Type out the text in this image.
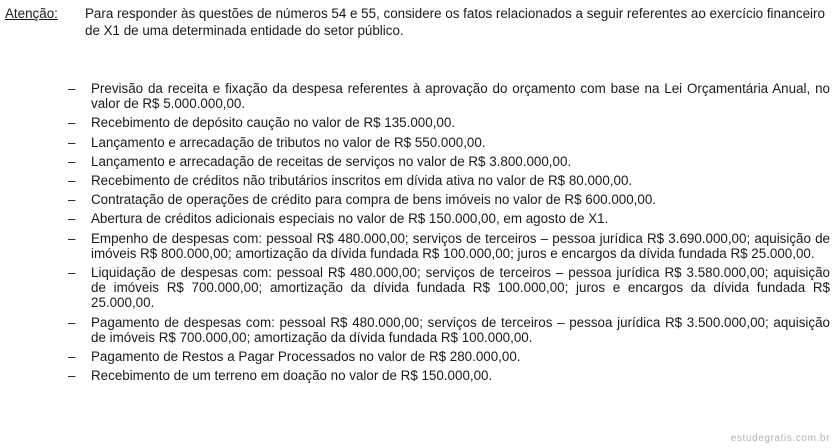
Atenção: Para responder às questões de números 54 e 55, considere os fatos relacionados a seguir referentes ao exercício financeiro de X1 de uma determinada entidade do setor público.
– Previsão da receita e fixação da despesa referentes à aprovação do orçamento com base na Lei Orçamentária Anual, no valor de R$ 5.000.000,00.
– Recebimento de depósito caução no valor de R$ 135.000,00.
– Lançamento e arrecadação de tributos no valor de R$ 550.000,00.
– Lançamento e arrecadação de receitas de serviços no valor de R$ 3.800.000,00.
– Recebimento de créditos não tributários inscritos em dívida ativa no valor de R$ 80.000,00.
– Contratação de operações de crédito para compra de bens imóveis no valor de R$ 600.000,00.
– Abertura de créditos adicionais especiais no valor de R$ 150.000,00, em agosto de X1.
– Empenho de despesas com: pessoal R$ 480.000,00; serviços de terceiros – pessoa jurídica R$ 3.690.000,00; aquisição de imóveis R$ 800.000,00; amortização da dívida fundada R$ 100.000,00; juros e encargos da dívida fundada R$ 25.000,00.
– Liquidação de despesas com: pessoal R$ 480.000,00; serviços de terceiros – pessoa jurídica R$ 3.580.000,00; aquisição de imóveis R$ 700.000,00; amortização da dívida fundada R$ 100.000,00; juros e encargos da dívida fundada R$ 25.000,00.
– Pagamento de despesas com: pessoal R$ 480.000,00; serviços de terceiros – pessoa jurídica R$ 3.500.000,00; aquisição de imóveis R$ 700.000,00; amortização da dívida fundada R$ 100.000,00.
– Pagamento de Restos a Pagar Processados no valor de R$ 280.000,00.
– Recebimento de um terreno em doação no valor de R$ 150.000,00.
estudegratis.com.br
